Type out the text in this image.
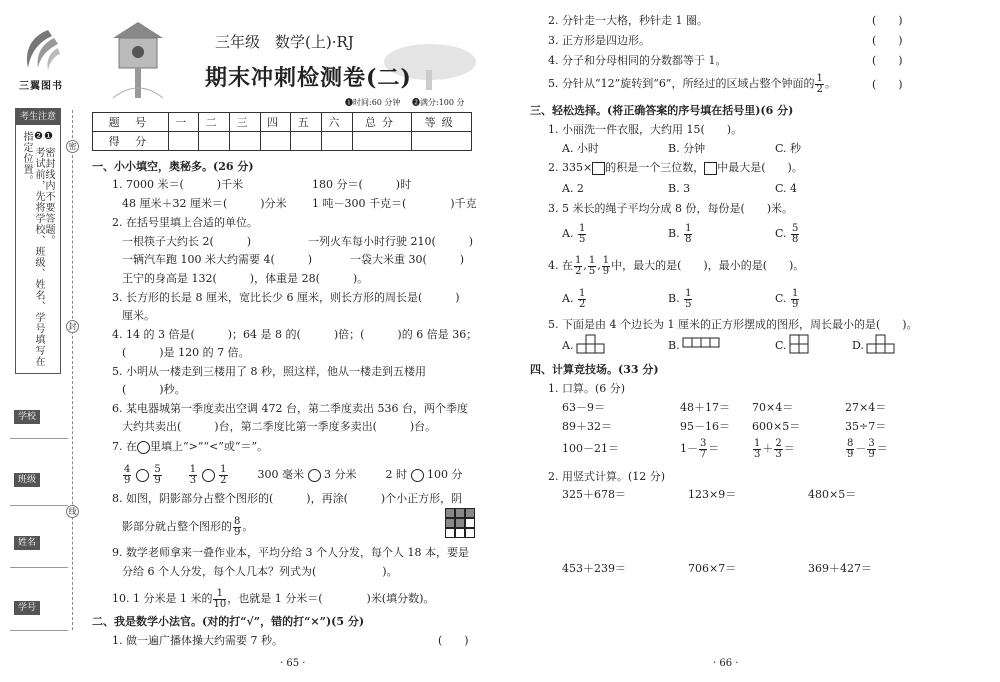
三翼图书
考生注意
❶ 密封线内不要答题。
❷ 考试前，先将学校、班级、姓名、学号填写在指定位置。
学校
班级
姓名
学号
密
封
线
三年级　数学(上)·RJ
期末冲刺检测卷(二)
❶时间:60 分钟 ❷满分:100 分
题 号	一	二	三	四	五	六	总分	等级
得 分								
一、小小填空，奥秘多。(26 分)
1. 7000 米＝(　　　)千米	180 分＝(　　　)时
48 厘米＋32 厘米＝(　　　)分米 1 吨－300 千克＝(　　　　)千克
2. 在括号里填上合适的单位。
一根筷子大约长 2(　　　)	一列火车每小时行驶 210(　　　)
一辆汽车跑 100 米大约需要 4(　　　)	一袋大米重 30(　　　)
王宁的身高是 132(　　　)，体重是 28(　　　)。
3. 长方形的长是 8 厘米，宽比长少 6 厘米，则长方形的周长是(　　　)
厘米。
4. 14 的 3 倍是(　　　)；64 是 8 的(　　　)倍；(　　　)的 6 倍是 36；
(　　　)是 120 的 7 倍。
5. 小明从一楼走到三楼用了 8 秒，照这样，他从一楼走到五楼用
(　　　)秒。
6. 某电器城第一季度卖出空调 472 台，第二季度卖出 536 台，两个季度
大约共卖出(　　　)台，第二季度比第一季度多卖出(　　　)台。
7. 在 里填上“>”“<”或“＝”。
$\frac{4}{9}$
$\frac{5}{9}$
	$\frac{1}{3}$
$\frac{1}{2}$	300 毫米 3 分米	2 时 100 分
8. 如图，阴影部分占整个图形的(　　　)，再涂(　　　)个小正方形，阴
影部分就占整个图形的 $\frac{8}{9}$ 。
9. 数学老师拿来一叠作业本，平均分给 3 个人分发，每个人 18 本，要是
分给 6 个人分发，每个人几本？列式为(　　　　　　)。
10. 1 分米是 1 米的 $\frac{1}{10}$ ，也就是 1 分米＝(　　　　)米(填分数)。
二、我是数学小法官。(对的打“√”，错的打“×”)(5 分)
1. 做一遍广播体操大约需要 7 秒。	(　　)
· 65 ·
2. 分针走一大格，秒针走 1 圈。	(　　)
3. 正方形是四边形。	(　　)
4. 分子和分母相同的分数都等于 1。	(　　)
5. 分针从“12”旋转到“6”，所经过的区域占整个钟面的 $\frac{1}{2}$ 。	(　　)
三、轻松选择。(将正确答案的序号填在括号里)(6 分)
1. 小丽洗一件衣服，大约用 15(　　)。
A. 小时	B. 分钟	C. 秒
2. 335× 的积是一个三位数， 中最大是(　　)。
A. 2	B. 3	C. 4
3. 5 米长的绳子平均分成 8 份，每份是(　　)米。
A. $\frac{1}{5}$	B. $\frac{1}{8}$	C. $\frac{5}{8}$
4. 在 $\frac{1}{2}$ , $\frac{1}{5}$ , $\frac{1}{9}$ 中，最大的是(　　)，最小的是(　　)。
A. $\frac{1}{2}$	B. $\frac{1}{5}$	C. $\frac{1}{9}$
5. 下面是由 4 个边长为 1 厘米的正方形摆成的图形，周长最小的是(　　)。
A.	B.	C.	D.
四、计算竞技场。(33 分)
1. 口算。(6 分)
63－9＝	48＋17＝ 70×4＝	27×4＝
89＋32＝	95－16＝ 600×5＝	35÷7＝
100－21＝	$1- \frac{3}{7}$ ＝	$\frac{1}{3} + \frac{2}{3}$ ＝	$\frac{8}{9} - \frac{3}{9}$ ＝
2. 用竖式计算。(12 分)
325＋678＝	123×9＝	480×5＝
453＋239＝	706×7＝	369＋427＝
· 66 ·
